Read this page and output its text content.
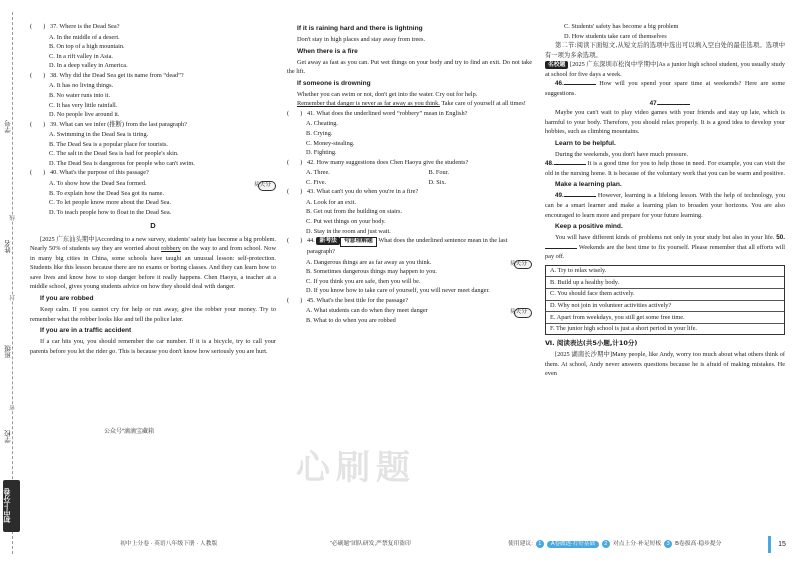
学号
线
姓名
封
班级
密
学校
初中上分卷
( )
37. Where is the Dead Sea?
A. In the middle of a desert.
B. On top of a high mountain.
C. In a rift valley in Asia.
D. In a deep valley in America.
( )
38. Why did the Dead Sea get its name from “dead”?
A. It has no living things.
B. No water runs into it.
C. It has very little rainfall.
D. No people live around it.
( )
39. What can we infer (推断) from the last paragraph?
A. Swimming in the Dead Sea is tiring.
B. The Dead Sea is a popular place for tourists.
C. The salt in the Dead Sea is bad for people's skin.
D. The Dead Sea is dangerous for people who can't swim.
( )
40. What's the purpose of this passage?
A. To show how the Dead Sea formed.	易失分
B. To explain how the Dead Sea got its name.
C. To let people know more about the Dead Sea.
D. To teach people how to float in the Dead Sea.
D
[2025 广东汕头期中]According to a new survey, students' safety has become a big problem. Nearly 50% of students say they are worried about robbery on the way to and from school. Now in many big cities in China, some schools have taught an unusual lesson: self-protection. Students like this lesson because there are no exams or boring classes. And they can learn how to save lives and know how to stop danger before it really happens. Chen Haoyu, a teacher at a middle school, gives young students advice on how they should deal with danger.
If you are robbed
Keep calm. If you cannot cry for help or run away, give the robber your money. Try to remember what the robber looks like and tell the police later.
If you are in a traffic accident
If a car hits you, you should remember the car number. If it is a bicycle, try to call your parents before you let the rider go. This is because you don't know how seriously you are hurt.
公众号“滴滴宝藏箱
心刷题
If it is raining hard and there is lightning
Don't stay in high places and stay away from trees.
When there is a fire
Get away as fast as you can. Put wet things on your body and try to find an exit. Do not take the lift.
If someone is drowning
Whether you can swim or not, don't get into the water. Cry out for help.
Remember that danger is never as far away as you think. Take care of yourself at all times!
( )
41. What does the underlined word “robbery” mean in English?
A. Cheating.
B. Crying.
C. Money-stealing.
D. Fighting.
( )
42. How many suggestions does Chen Haoyu give the students?
A. Three.	B. Four.
C. Five.	D. Six.
( )
43. What can't you do when you're in a fire?
A. Look for an exit.
B. Get out from the building on stairs.
C. Put wet things on your body.
D. Stay in the room and just wait.
( )
44. 新考法 句意理解题 What does the underlined sentence mean in the last paragraph?
A. Dangerous things are as far away as you think.	易失分
B. Sometimes dangerous things may happen to you.
C. If you think you are safe, then you will be.
D. If you know how to take care of yourself, you will never meet danger.
( )
45. What's the best title for the passage?
A. What students can do when they meet danger	易失分
B. What to do when you are robbed
C. Students' safety has become a big problem
D. How students take care of themselves
第二节:阅读下面短文,从短文后的选项中选出可以填入空白处的最佳选项。选项中有一项为多余选项。
名校题 [2025 广东深圳市松岗中学期中]As a junior high school student, you usually study at school for five days a week.
46.	How will you spend your spare time at weekends? Here are some suggestions.
47.
Maybe you can't wait to play video games with your friends and stay up late, which is harmful to your body. Therefore, you should relax properly. It is a good idea to develop your hobbies, such as climbing mountains.
Learn to be helpful.
During the weekends, you don't have much pressure.
48.	It is a good time for you to help those in need. For example, you can visit the old in the nursing home. It is because of the voluntary work that you can be warm and positive.
Make a learning plan.
49.	However, learning is a lifelong lesson. With the help of technology, you can be a smart learner and make a learning plan to broaden your horizons. You are also encouraged to learn more and prepare for your future learning.
Keep a positive mind.
You will have different kinds of problems not only in your study but also in your life. 50. Weekends are the best time to fix yourself. Please remember that all efforts will pay off.
A. Try to relax wisely.
B. Build up a healthy body.
C. You should face them actively.
D. Why not join in volunteer activities actively?
E. Apart from weekdays, you still get some free time.
F. The junior high school is just a short period in your life.
Ⅵ. 阅读表达(共5小题,计10分)
[2025 湖南长沙期中]Many people, like Andy, worry too much about what others think of them. At school, Andy never answers questions because he is afraid of making mistakes. He even
初中上分卷 · 英语八年级下册 · 人教版	“必刷题”团队研发,严禁复印盗印	使用建议: 1	A卷做透·打好基础	2 对点上分·补足短板 3 B卷拔高·稳步提分	15
